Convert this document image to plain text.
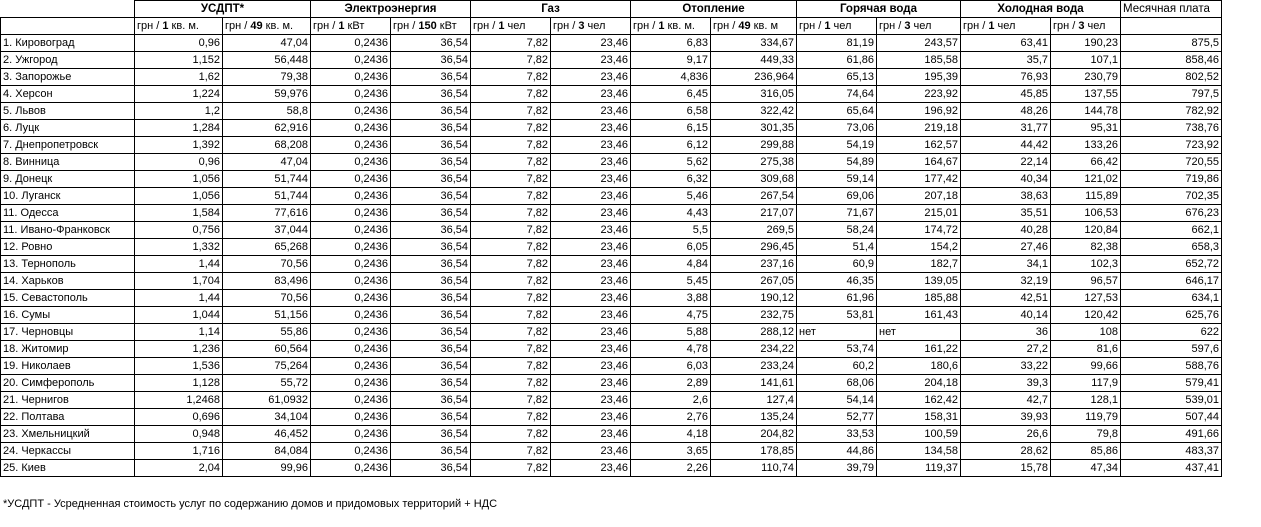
	УСДПТ*		Электроэнергия		Газ		Отопление		Горячая вода		Холодная вода		Месячная плата
	грн / 1 кв. м.	грн / 49 кв. м.	грн / 1 кВт	грн / 150 кВт	грн / 1 чел	грн / 3 чел	грн / 1 кв. м.	грн / 49 кв. м	грн / 1 чел	грн / 3 чел	грн / 1 чел	грн / 3 чел	
1. Кировоград	0,96	47,04	0,2436	36,54	7,82	23,46	6,83	334,67	81,19	243,57	63,41	190,23	875,5
2. Ужгород	1,152	56,448	0,2436	36,54	7,82	23,46	9,17	449,33	61,86	185,58	35,7	107,1	858,46
3. Запорожье	1,62	79,38	0,2436	36,54	7,82	23,46	4,836	236,964	65,13	195,39	76,93	230,79	802,52
4. Херсон	1,224	59,976	0,2436	36,54	7,82	23,46	6,45	316,05	74,64	223,92	45,85	137,55	797,5
5. Львов	1,2	58,8	0,2436	36,54	7,82	23,46	6,58	322,42	65,64	196,92	48,26	144,78	782,92
6. Луцк	1,284	62,916	0,2436	36,54	7,82	23,46	6,15	301,35	73,06	219,18	31,77	95,31	738,76
7. Днепропетровск	1,392	68,208	0,2436	36,54	7,82	23,46	6,12	299,88	54,19	162,57	44,42	133,26	723,92
8. Винница	0,96	47,04	0,2436	36,54	7,82	23,46	5,62	275,38	54,89	164,67	22,14	66,42	720,55
9. Донецк	1,056	51,744	0,2436	36,54	7,82	23,46	6,32	309,68	59,14	177,42	40,34	121,02	719,86
10. Луганск	1,056	51,744	0,2436	36,54	7,82	23,46	5,46	267,54	69,06	207,18	38,63	115,89	702,35
11. Одесса	1,584	77,616	0,2436	36,54	7,82	23,46	4,43	217,07	71,67	215,01	35,51	106,53	676,23
11. Ивано-Франковск	0,756	37,044	0,2436	36,54	7,82	23,46	5,5	269,5	58,24	174,72	40,28	120,84	662,1
12. Ровно	1,332	65,268	0,2436	36,54	7,82	23,46	6,05	296,45	51,4	154,2	27,46	82,38	658,3
13. Тернополь	1,44	70,56	0,2436	36,54	7,82	23,46	4,84	237,16	60,9	182,7	34,1	102,3	652,72
14. Харьков	1,704	83,496	0,2436	36,54	7,82	23,46	5,45	267,05	46,35	139,05	32,19	96,57	646,17
15. Севастополь	1,44	70,56	0,2436	36,54	7,82	23,46	3,88	190,12	61,96	185,88	42,51	127,53	634,1
16. Сумы	1,044	51,156	0,2436	36,54	7,82	23,46	4,75	232,75	53,81	161,43	40,14	120,42	625,76
17. Черновцы	1,14	55,86	0,2436	36,54	7,82	23,46	5,88	288,12	нет	нет	36	108	622
18. Житомир	1,236	60,564	0,2436	36,54	7,82	23,46	4,78	234,22	53,74	161,22	27,2	81,6	597,6
19. Николаев	1,536	75,264	0,2436	36,54	7,82	23,46	6,03	233,24	60,2	180,6	33,22	99,66	588,76
20. Симферополь	1,128	55,72	0,2436	36,54	7,82	23,46	2,89	141,61	68,06	204,18	39,3	117,9	579,41
21. Чернигов	1,2468	61,0932	0,2436	36,54	7,82	23,46	2,6	127,4	54,14	162,42	42,7	128,1	539,01
22. Полтава	0,696	34,104	0,2436	36,54	7,82	23,46	2,76	135,24	52,77	158,31	39,93	119,79	507,44
23. Хмельницкий	0,948	46,452	0,2436	36,54	7,82	23,46	4,18	204,82	33,53	100,59	26,6	79,8	491,66
24. Черкассы	1,716	84,084	0,2436	36,54	7,82	23,46	3,65	178,85	44,86	134,58	28,62	85,86	483,37
25. Киев	2,04	99,96	0,2436	36,54	7,82	23,46	2,26	110,74	39,79	119,37	15,78	47,34	437,41
*УСДПТ - Усредненная стоимость услуг по содержанию домов и придомовых территорий + НДС
